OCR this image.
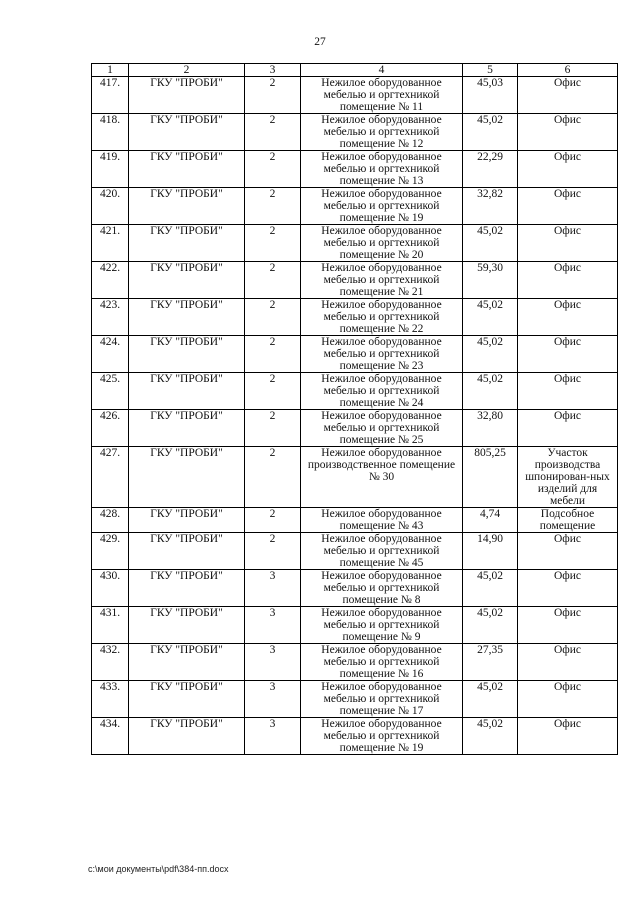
27
1	2	3	4	5	6
417.	ГКУ "ПРОБИ"	2	Нежилое оборудованное мебелью и оргтехникой помещение № 11	45,03	Офис
418.	ГКУ "ПРОБИ"	2	Нежилое оборудованное мебелью и оргтехникой помещение № 12	45,02	Офис
419.	ГКУ "ПРОБИ"	2	Нежилое оборудованное мебелью и оргтехникой помещение № 13	22,29	Офис
420.	ГКУ "ПРОБИ"	2	Нежилое оборудованное мебелью и оргтехникой помещение № 19	32,82	Офис
421.	ГКУ "ПРОБИ"	2	Нежилое оборудованное мебелью и оргтехникой помещение № 20	45,02	Офис
422.	ГКУ "ПРОБИ"	2	Нежилое оборудованное мебелью и оргтехникой помещение № 21	59,30	Офис
423.	ГКУ "ПРОБИ"	2	Нежилое оборудованное мебелью и оргтехникой помещение № 22	45,02	Офис
424.	ГКУ "ПРОБИ"	2	Нежилое оборудованное мебелью и оргтехникой помещение № 23	45,02	Офис
425.	ГКУ "ПРОБИ"	2	Нежилое оборудованное мебелью и оргтехникой помещение № 24	45,02	Офис
426.	ГКУ "ПРОБИ"	2	Нежилое оборудованное мебелью и оргтехникой помещение № 25	32,80	Офис
427.	ГКУ "ПРОБИ"	2	Нежилое оборудованное производственное помещение № 30	805,25	Участок производства шпонирован-ных изделий для мебели
428.	ГКУ "ПРОБИ"	2	Нежилое оборудованное помещение № 43	4,74	Подсобное помещение
429.	ГКУ "ПРОБИ"	2	Нежилое оборудованное мебелью и оргтехникой помещение № 45	14,90	Офис
430.	ГКУ "ПРОБИ"	3	Нежилое оборудованное мебелью и оргтехникой помещение № 8	45,02	Офис
431.	ГКУ "ПРОБИ"	3	Нежилое оборудованное мебелью и оргтехникой помещение № 9	45,02	Офис
432.	ГКУ "ПРОБИ"	3	Нежилое оборудованное мебелью и оргтехникой помещение № 16	27,35	Офис
433.	ГКУ "ПРОБИ"	3	Нежилое оборудованное мебелью и оргтехникой помещение № 17	45,02	Офис
434.	ГКУ "ПРОБИ"	3	Нежилое оборудованное мебелью и оргтехникой помещение № 19	45,02	Офис
c:\мои документы\pdf\384-пп.docx
